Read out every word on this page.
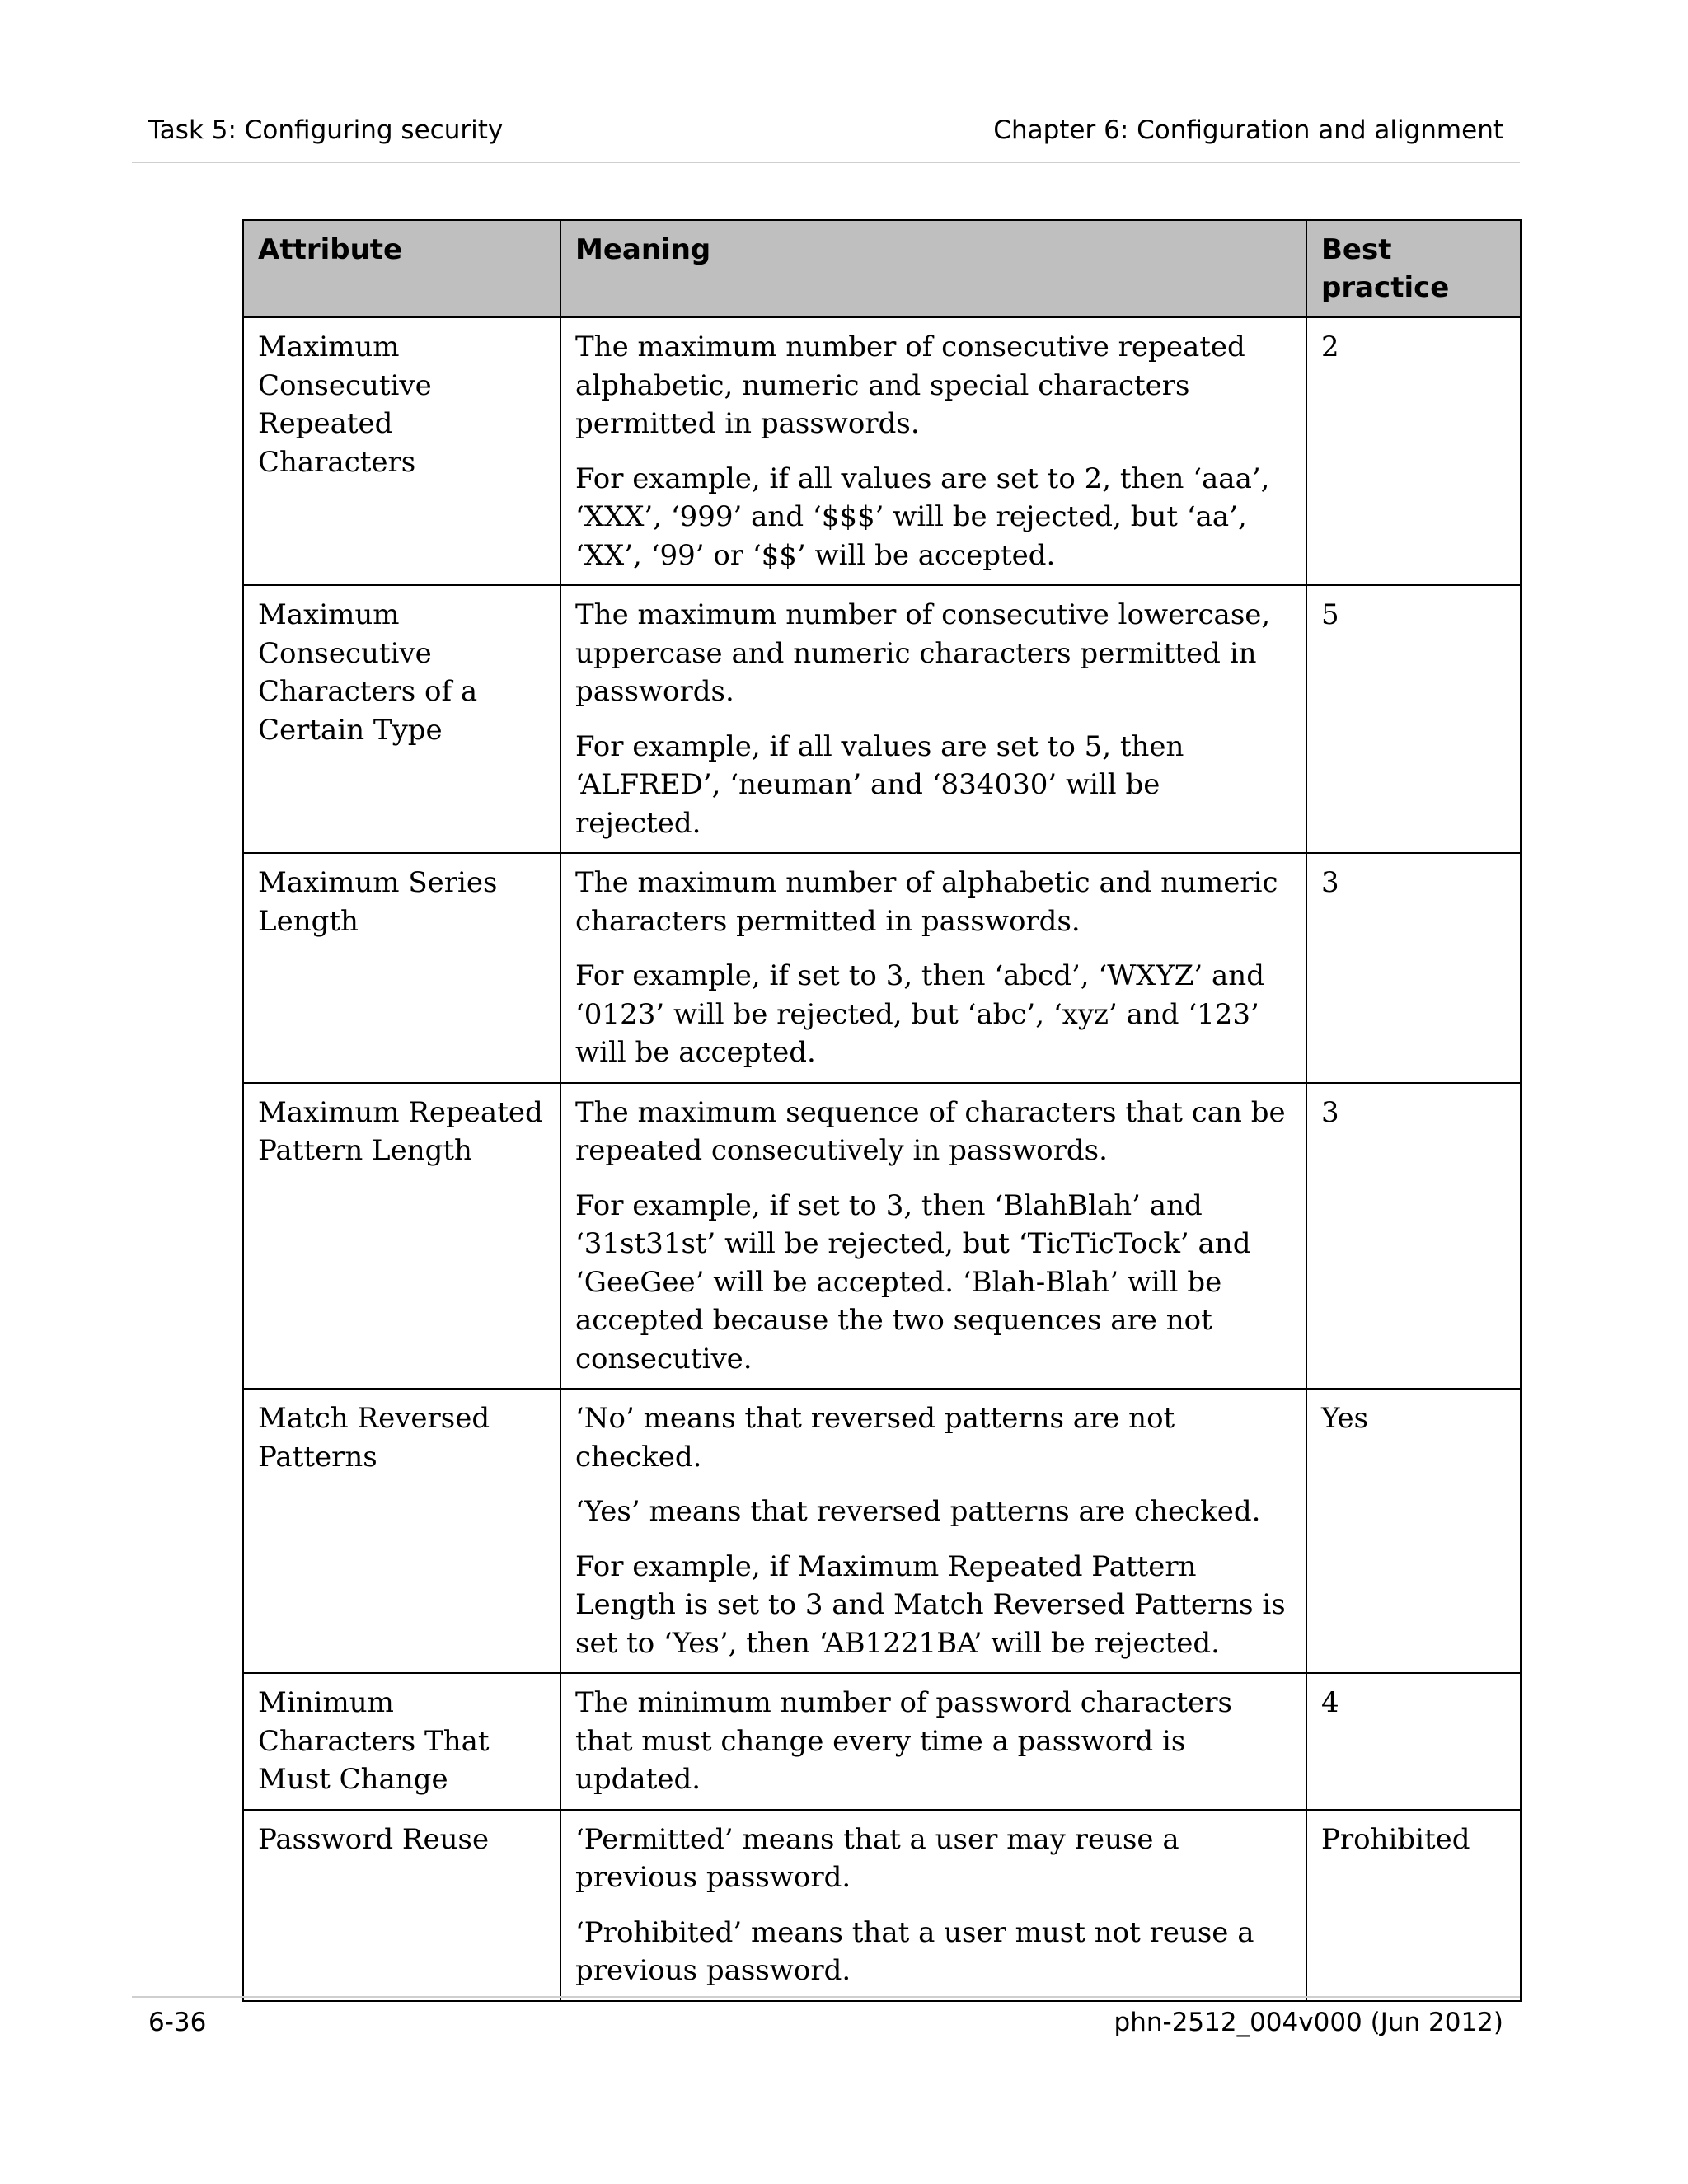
Task 5: Configuring security	Chapter 6: Configuration and alignment
Attribute	Meaning	Best practice
Maximum Consecutive Repeated Characters	The maximum number of consecutive repeated alphabetic, numeric and special characters permitted in passwords.

For example, if all values are set to 2, then ‘aaa’, ‘XXX’, ‘999’ and ‘$$$’ will be rejected, but ‘aa’, ‘XX’, ‘99’ or ‘$$’ will be accepted.	2
Maximum Consecutive Characters of a Certain Type	The maximum number of consecutive lowercase, uppercase and numeric characters permitted in passwords.

For example, if all values are set to 5, then ‘ALFRED’, ‘neuman’ and ‘834030’ will be rejected.	5
Maximum Series Length	The maximum number of alphabetic and numeric characters permitted in passwords.

For example, if set to 3, then ‘abcd’, ‘WXYZ’ and ‘0123’ will be rejected, but ‘abc’, ‘xyz’ and ‘123’ will be accepted.	3
Maximum Repeated Pattern Length	The maximum sequence of characters that can be repeated consecutively in passwords.

For example, if set to 3, then ‘BlahBlah’ and ‘31st31st’ will be rejected, but ‘TicTicTock’ and ‘GeeGee’ will be accepted. ‘Blah-Blah’ will be accepted because the two sequences are not consecutive.	3
Match Reversed Patterns	‘No’ means that reversed patterns are not checked.

‘Yes’ means that reversed patterns are checked.

For example, if Maximum Repeated Pattern Length is set to 3 and Match Reversed Patterns is set to ‘Yes’, then ‘AB1221BA’ will be rejected.	Yes
Minimum Characters That Must Change	The minimum number of password characters that must change every time a password is updated.	4
Password Reuse	‘Permitted’ means that a user may reuse a previous password.

‘Prohibited’ means that a user must not reuse a previous password.	Prohibited
6-36	phn-2512_004v000 (Jun 2012)
